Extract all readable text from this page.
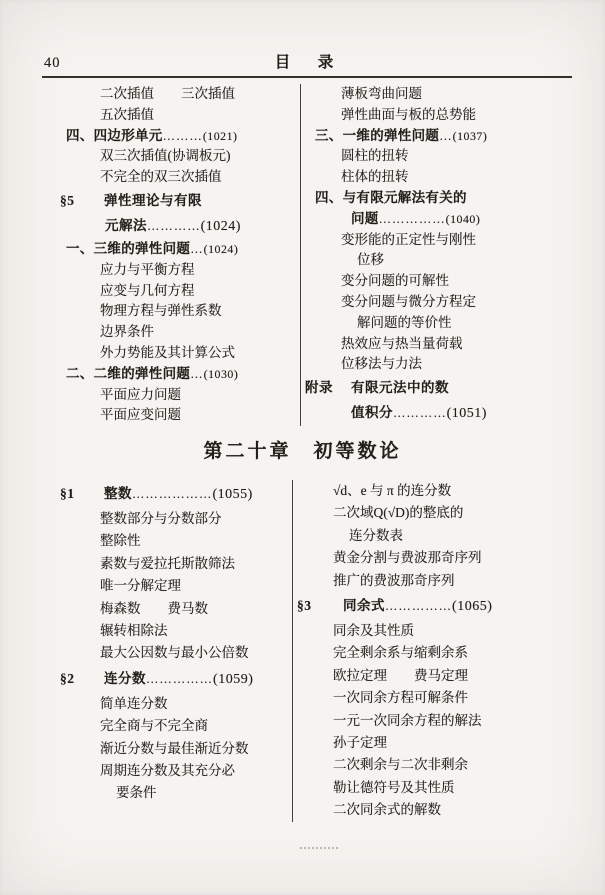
40	目　录
二次插值　　三次插值
五次插值
四、四边形单元………(1021)
双三次插值(协调板元)
不完全的双三次插值
§5 弹性理论与有限
元解法…………(1024)
一、三维的弹性问题…(1024)
应力与平衡方程
应变与几何方程
物理方程与弹性系数
边界条件
外力势能及其计算公式
二、二维的弹性问题…(1030)
平面应力问题
平面应变问题
薄板弯曲问题
弹性曲面与板的总势能
三、一维的弹性问题…(1037)
圆柱的扭转
柱体的扭转
四、与有限元解法有关的
问题……………(1040)
变形能的正定性与刚性
位移
变分问题的可解性
变分问题与微分方程定
解问题的等价性
热效应与热当量荷载
位移法与力法
附录 有限元法中的数
值积分…………(1051)
第二十章　初等数论
§1 整数………………(1055)
整数部分与分数部分
整除性
素数与爱拉托斯散筛法
唯一分解定理
梅森数　　费马数
辗转相除法
最大公因数与最小公倍数
§2 连分数……………(1059)
简单连分数
完全商与不完全商
渐近分数与最佳渐近分数
周期连分数及其充分必
要条件
√d、e 与 π 的连分数
二次域Q(√D)的整底的
连分数表
黄金分割与费波那奇序列
推广的费波那奇序列
§3 同余式……………(1065)
同余及其性质
完全剩余系与缩剩余系
欧拉定理　　费马定理
一次同余方程可解条件
一元一次同余方程的解法
孙子定理
二次剩余与二次非剩余
勒让德符号及其性质
二次同余式的解数
